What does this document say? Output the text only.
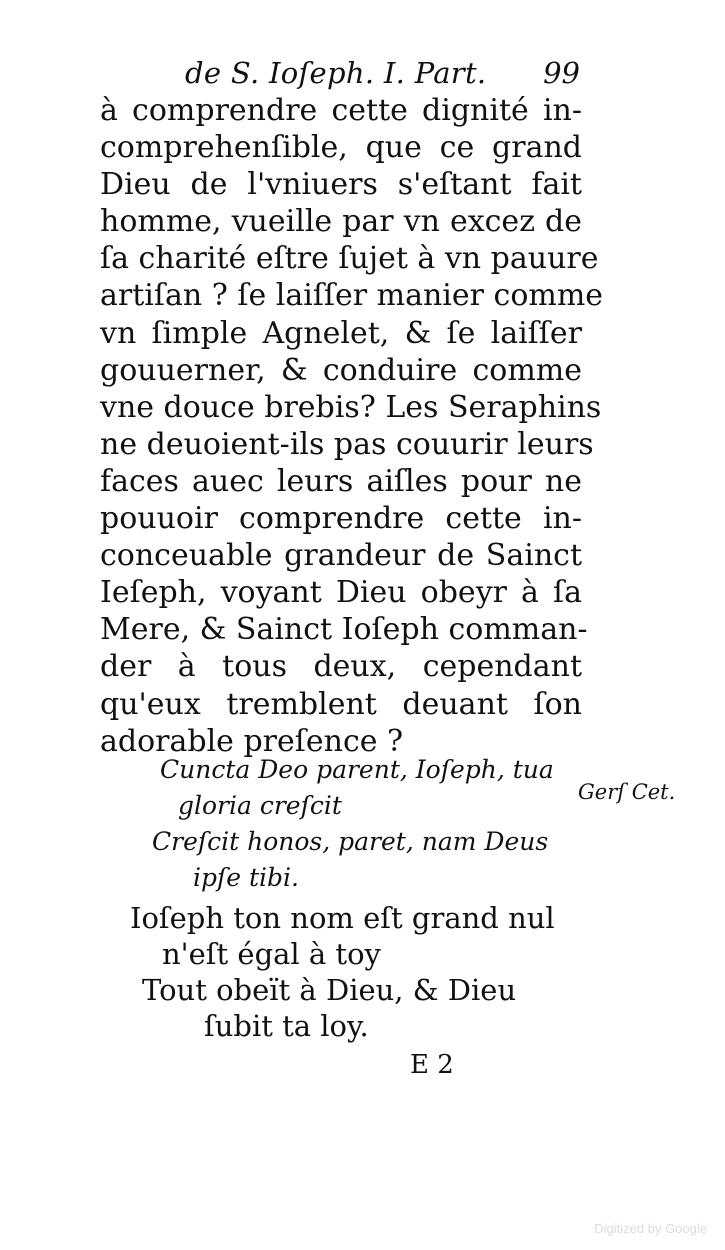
de S. Ioſeph. I. Part. 99
à comprendre cette dignité in-
comprehenſible, que ce grand
Dieu de l'vniuers s'eſtant fait
homme, vueille par vn excez de
ſa charité eſtre ſujet à vn pauure
artiſan ? ſe laiſſer manier comme
vn ſimple Agnelet, & ſe laiſſer
gouuerner, & conduire comme
vne douce brebis? Les Seraphins
ne deuoient-ils pas couurir leurs
faces auec leurs aiſles pour ne
pouuoir comprendre cette in-
conceuable grandeur de Sainct
Ieſeph, voyant Dieu obeyr à ſa
Mere, & Sainct Ioſeph comman-
der à tous deux, cependant
qu'eux tremblent deuant ſon
adorable preſence ?
Cuncta Deo parent, Ioſeph, tua
gloria creſcit
Creſcit honos, paret, nam Deus
ipſe tibi.
Gerſ Cet.
Ioſeph ton nom eſt grand nul
n'eſt égal à toy
Tout obeït à Dieu, & Dieu
ſubit ta loy.
E 2
Digitized by Google
